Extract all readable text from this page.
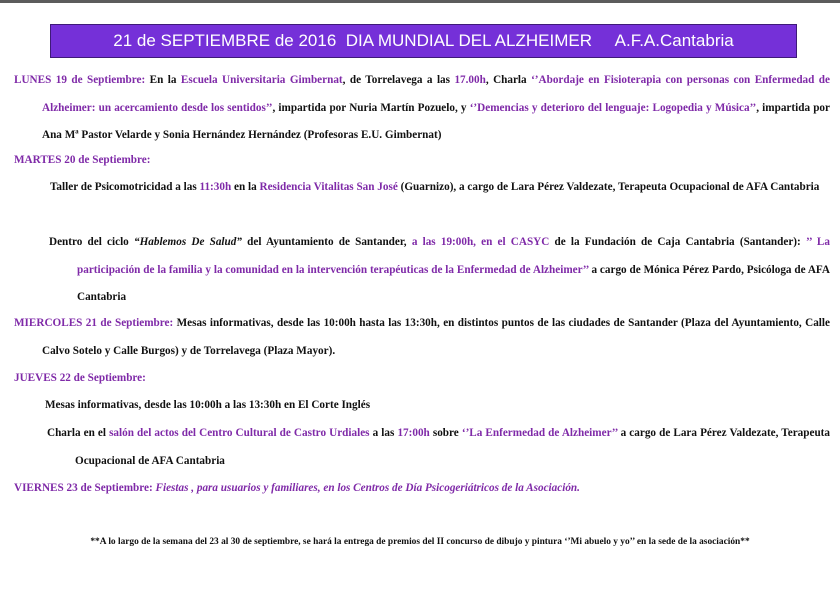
21 de SEPTIEMBRE de 2016  DIA MUNDIAL DEL ALZHEIMER     A.F.A.Cantabria
LUNES 19 de Septiembre: En la Escuela Universitaria Gimbernat, de Torrelavega a las 17.00h, Charla ‘’Abordaje en Fisioterapia con personas con Enfermedad de Alzheimer: un acercamiento desde los sentidos’’, impartida por Nuria Martín Pozuelo, y ‘’Demencias y deterioro del lenguaje: Logopedia y Música’’, impartida por Ana Mª Pastor Velarde y Sonia Hernández Hernández (Profesoras E.U. Gimbernat)
MARTES 20 de Septiembre:
Taller de Psicomotricidad a las 11:30h en la Residencia Vitalitas San José (Guarnizo), a cargo de Lara Pérez Valdezate, Terapeuta Ocupacional de AFA Cantabria
Dentro del ciclo “Hablemos De Salud” del Ayuntamiento de Santander, a las 19:00h, en el CASYC de la Fundación de Caja Cantabria (Santander): ’’ La participación de la familia y la comunidad en la intervención terapéuticas de la Enfermedad de Alzheimer’’ a cargo de Mónica Pérez Pardo, Psicóloga de AFA Cantabria
MIERCOLES 21 de Septiembre: Mesas informativas, desde las 10:00h hasta las 13:30h, en distintos puntos de las ciudades de Santander (Plaza del Ayuntamiento, Calle Calvo Sotelo y Calle Burgos) y de Torrelavega (Plaza Mayor).
JUEVES 22 de Septiembre:
Mesas informativas, desde las 10:00h a las 13:30h en El Corte Inglés
Charla en el salón del actos del Centro Cultural de Castro Urdiales a las 17:00h sobre ‘’La Enfermedad de Alzheimer’’ a cargo de Lara Pérez Valdezate, Terapeuta Ocupacional de AFA Cantabria
VIERNES 23 de Septiembre: Fiestas , para usuarios y familiares, en los Centros de Día Psicogeriátricos de la Asociación.
**A lo largo de la semana del 23 al 30 de septiembre, se hará la entrega de premios del II concurso de dibujo y pintura ‘’Mi abuelo y yo’’ en la sede de la asociación**
